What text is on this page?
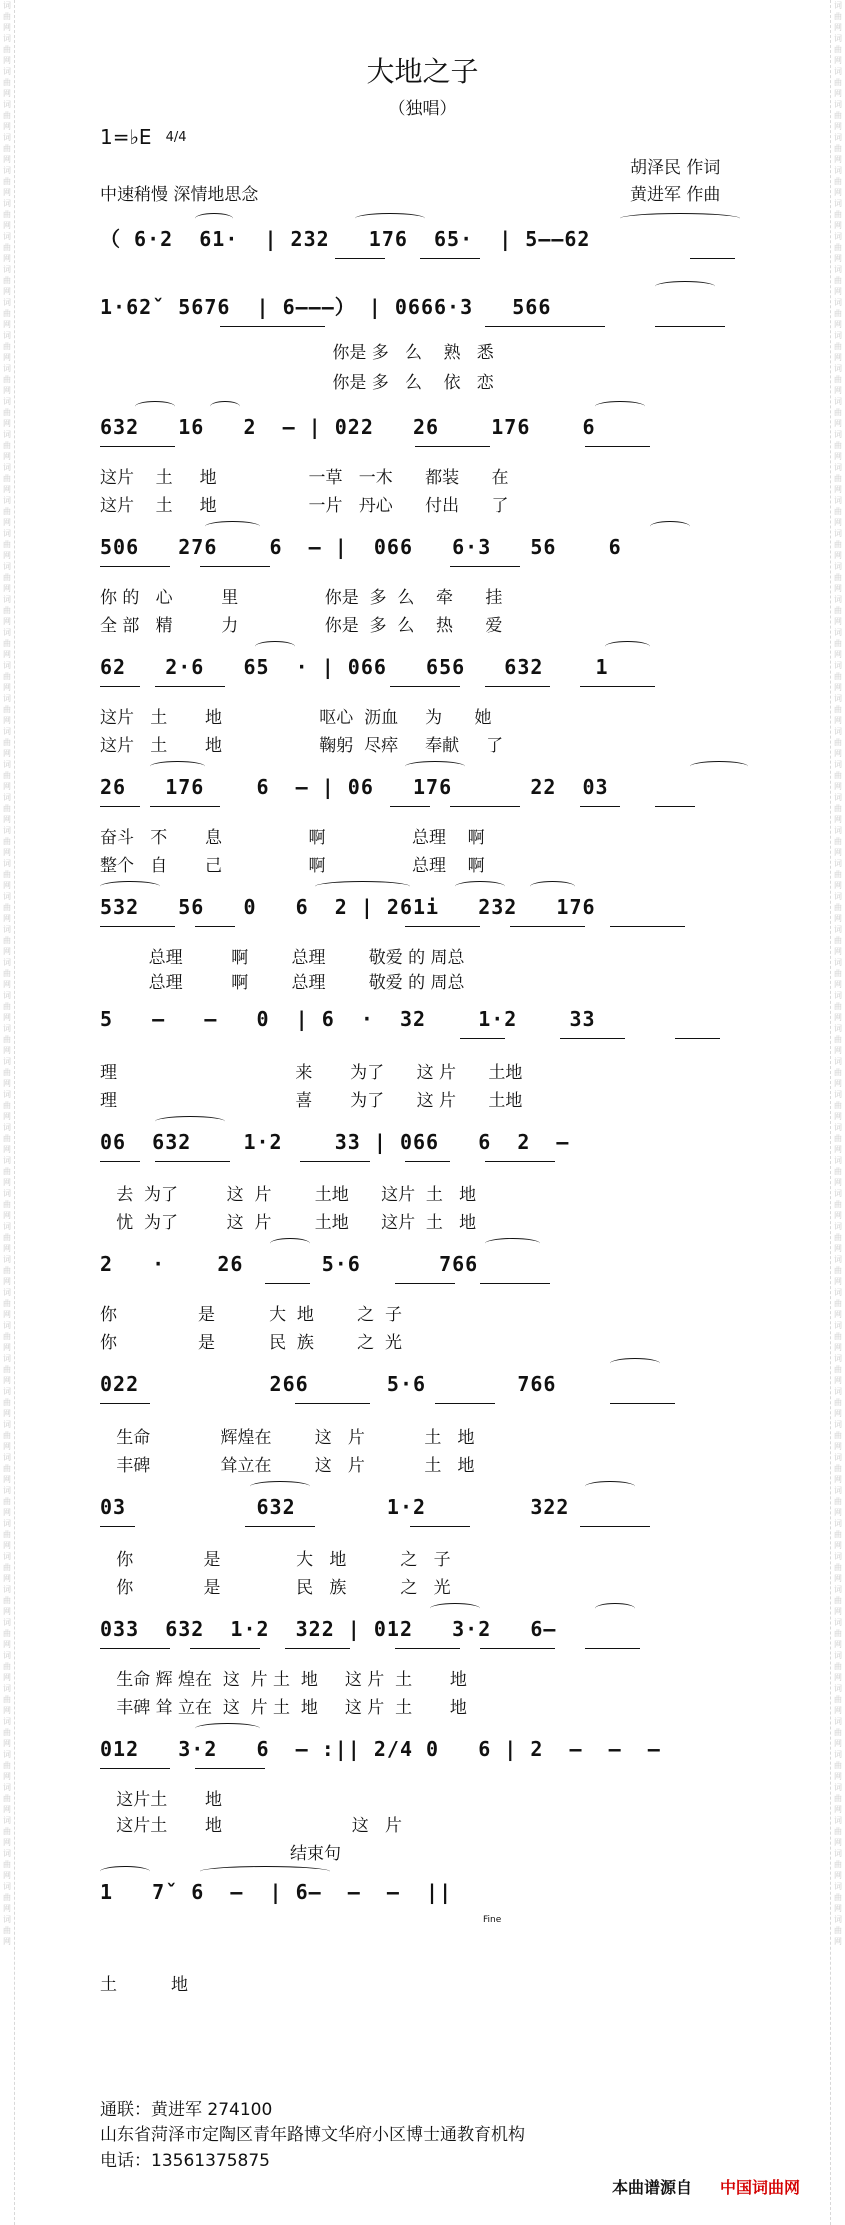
词曲网词曲网词曲网词曲网词曲网词曲网词曲网词曲网词曲网词曲网词曲网词曲网词曲网词曲网词曲网词曲网词曲网词曲网词曲网词曲网词曲网词曲网词曲网词曲网词曲网词曲网词曲网词曲网词曲网词曲网词曲网词曲网词曲网词曲网词曲网词曲网词曲网词曲网词曲网词曲网词曲网词曲网词曲网词曲网词曲网词曲网词曲网词曲网词曲网词曲网词曲网词曲网词曲网词曲网词曲网词曲网词曲网词曲网词曲网
词曲网词曲网词曲网词曲网词曲网词曲网词曲网词曲网词曲网词曲网词曲网词曲网词曲网词曲网词曲网词曲网词曲网词曲网词曲网词曲网词曲网词曲网词曲网词曲网词曲网词曲网词曲网词曲网词曲网词曲网词曲网词曲网词曲网词曲网词曲网词曲网词曲网词曲网词曲网词曲网词曲网词曲网词曲网词曲网词曲网词曲网词曲网词曲网词曲网词曲网词曲网词曲网词曲网词曲网词曲网词曲网词曲网词曲网词曲网
大地之子
（独唱）
1=♭E 4/4
胡泽民 作词
黄进军 作曲
中速稍慢 深情地思念
（ 6·2  61·  | 232   176  65·  | 5——62
1·62ˇ 5676  | 6———） | 0666·3   566
你是 多   么    熟   悉
你是 多   么    依   恋
632   16   2  — | 022   26    176    6
这片    土     地                 一草   一木      都装      在
这片    土     地                 一片   丹心      付出      了
506   276    6  — |  066   6·3   56    6
你 的   心         里                你是  多  么    牵      挂
全 部   精         力                你是  多  么    热      爱
62   2·6   65  · | 066   656   632    1
这片   土       地                  呕心  沥血     为      她
这片   土       地                  鞠躬  尽瘁     奉献     了
26   176    6  — | 06   176      22  03
奋斗   不       息                啊                总理    啊
整个   自       己                啊                总理    啊
532   56   0   6  2 | 261i   232   176
总理         啊        总理        敬爱 的 周总
总理         啊        总理        敬爱 的 周总
5   —   —   0  | 6  ·  32    1·2    33
理                                 来       为了      这 片      土地
理                                 喜       为了      这 片      土地
06  632    1·2    33 | 066   6  2  —
去  为了         这  片        土地      这片  土   地
忧  为了         这  片        土地      这片  土   地
2   ·    26      5·6      766
你               是          大  地        之  子
你               是          民  族        之  光
022          266      5·6       766
生命             辉煌在        这   片           土   地
丰碑             耸立在        这   片           土   地
03          632       1·2        322
你             是              大   地          之   子
你             是              民   族          之   光
033  632  1·2  322 | 012   3·2   6—
生命 辉 煌在  这  片 土  地     这 片  土       地
丰碑 耸 立在  这  片 土  地     这 片  土       地
012   3·2   6  — :|| 2/4 0   6 | 2  —  —  —
这片土       地
这片土       地                        这   片
结束句
1   7ˇ 6  —  | 6—  —  —  ||
Fine
土          地
通联：黄进军 274100
山东省菏泽市定陶区青年路博文华府小区博士通教育机构
电话：13561375875
本曲谱源自 中国词曲网
